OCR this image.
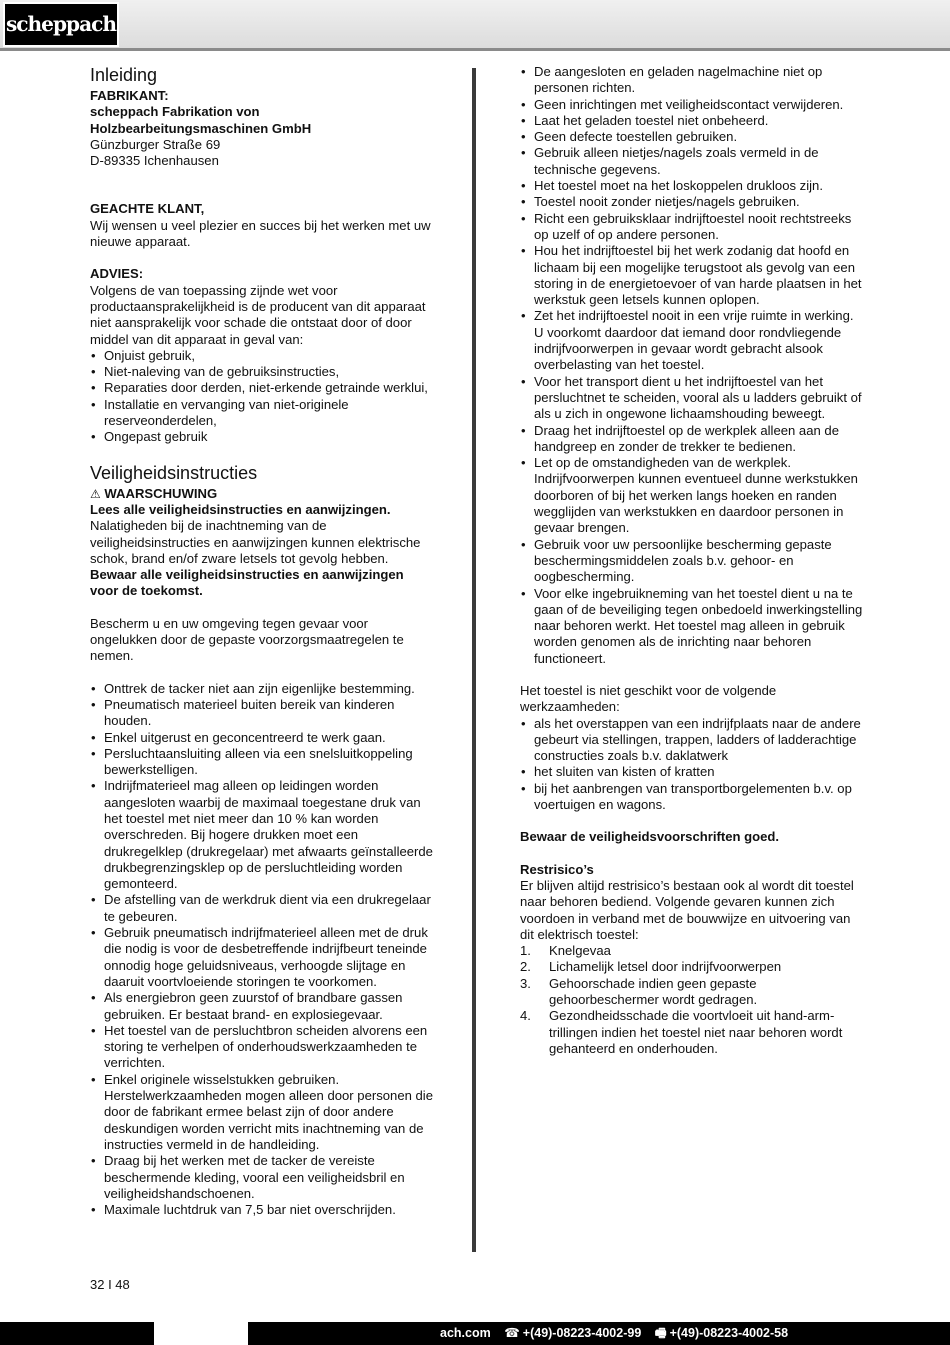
scheppach
Inleiding

FABRIKANT:

scheppach Fabrikation von

Holzbearbeitungsmaschinen GmbH

Günzburger Straße 69

D-89335 Ichenhausen

GEACHTE KLANT,

Wij wensen u veel plezier en succes bij het werken met uw nieuwe apparaat.

ADVIES:

Volgens de van toepassing zijnde wet voor productaansprakelijkheid is de producent van dit apparaat niet aansprakelijk voor schade die ontstaat door of door middel van dit apparaat in geval van:

• Onjuist gebruik,
• Niet-naleving van de gebruiksinstructies,
• Reparaties door derden, niet-erkende getrainde werklui,
• Installatie en vervanging van niet-originele reserveonderdelen,
• Ongepast gebruik
Veiligheidsinstructies

⚠ WAARSCHUWING

Lees alle veiligheidsinstructies en aanwijzingen.

Nalatigheden bij de inachtneming van de veiligheidsinstructies en aanwijzingen kunnen elektrische schok, brand en/of zware letsels tot gevolg hebben.

Bewaar alle veiligheidsinstructies en aanwijzingen voor de toekomst.

Bescherm u en uw omgeving tegen gevaar voor ongelukken door de gepaste voorzorgsmaatregelen te nemen.

• Onttrek de tacker niet aan zijn eigenlijke bestemming.
• Pneumatisch materieel buiten bereik van kinderen houden.
• Enkel uitgerust en geconcentreerd te werk gaan.
• Persluchtaansluiting alleen via een snelsluitkoppeling bewerkstelligen.
• Indrijfmaterieel mag alleen op leidingen worden aangesloten waarbij de maximaal toegestane druk van het toestel met niet meer dan 10 % kan worden overschreden. Bij hogere drukken moet een drukregelklep (drukregelaar) met afwaarts geïnstalleerde drukbegrenzingsklep op de persluchtleiding worden gemonteerd.
• De afstelling van de werkdruk dient via een drukregelaar te gebeuren.
• Gebruik pneumatisch indrijfmaterieel alleen met de druk die nodig is voor de desbetreffende indrijfbeurt teneinde onnodig hoge geluidsniveaus, verhoogde slijtage en daaruit voortvloeiende storingen te voorkomen.
• Als energiebron geen zuurstof of brandbare gassen gebruiken. Er bestaat brand- en explosiegevaar.
• Het toestel van de persluchtbron scheiden alvorens een storing te verhelpen of onderhoudswerkzaamheden te verrichten.
• Enkel originele wisselstukken gebruiken. Herstelwerkzaamheden mogen alleen door personen die door de fabrikant ermee belast zijn of door andere deskundigen worden verricht mits inachtneming van de instructies vermeld in de handleiding.
• Draag bij het werken met de tacker de vereiste beschermende kleding, vooral een veiligheidsbril en veiligheidshandschoenen.
• Maximale luchtdruk van 7,5 bar niet overschrijden.
• De aangesloten en geladen nagelmachine niet op personen richten.
• Geen inrichtingen met veiligheidscontact verwijderen.
• Laat het geladen toestel niet onbeheerd.
• Geen defecte toestellen gebruiken.
• Gebruik alleen nietjes/nagels zoals vermeld in de technische gegevens.
• Het toestel moet na het loskoppelen drukloos zijn.
• Toestel nooit zonder nietjes/nagels gebruiken.
• Richt een gebruiksklaar indrijftoestel nooit rechtstreeks op uzelf of op andere personen.
• Hou het indrijftoestel bij het werk zodanig dat hoofd en lichaam bij een mogelijke terugstoot als gevolg van een storing in de energietoevoer of van harde plaatsen in het werkstuk geen letsels kunnen oplopen.
• Zet het indrijftoestel nooit in een vrije ruimte in werking. U voorkomt daardoor dat iemand door rondvliegende indrijfvoorwerpen in gevaar wordt gebracht alsook overbelasting van het toestel.
• Voor het transport dient u het indrijftoestel van het persluchtnet te scheiden, vooral als u ladders gebruikt of als u zich in ongewone lichaamshouding beweegt.
• Draag het indrijftoestel op de werkplek alleen aan de handgreep en zonder de trekker te bedienen.
• Let op de omstandigheden van de werkplek. Indrijfvoorwerpen kunnen eventueel dunne werkstukken doorboren of bij het werken langs hoeken en randen wegglijden van werkstukken en daardoor personen in gevaar brengen.
• Gebruik voor uw persoonlijke bescherming gepaste beschermingsmiddelen zoals b.v. gehoor- en oogbescherming.
• Voor elke ingebruikneming van het toestel dient u na te gaan of de beveiliging tegen onbedoeld inwerkingstelling naar behoren werkt. Het toestel mag alleen in gebruik worden genomen als de inrichting naar behoren functioneert.

Het toestel is niet geschikt voor de volgende werkzaamheden:

• als het overstappen van een indrijfplaats naar de andere gebeurt via stellingen, trappen, ladders of ladderachtige constructies zoals b.v. daklatwerk
• het sluiten van kisten of kratten
• bij het aanbrengen van transportborgelementen b.v. op voertuigen en wagons.

Bewaar de veiligheidsvoorschriften goed.

Restrisico’s

Er blijven altijd restrisico’s bestaan ook al wordt dit toestel naar behoren bediend. Volgende gevaren kunnen zich voordoen in verband met de bouwwijze en uitvoering van dit elektrisch toestel:

1. Knelgevaa
2. Lichamelijk letsel door indrijfvoorwerpen
3. Gehoorschade indien geen gepaste gehoorbeschermer wordt gedragen.
4. Gezondheidsschade die voortvloeit uit hand-arm-trillingen indien het toestel niet naar behoren wordt gehanteerd en onderhouden.
32 I 48
ach.com ☎ +(49)-08223-4002-99 🖷 +(49)-08223-4002-58
